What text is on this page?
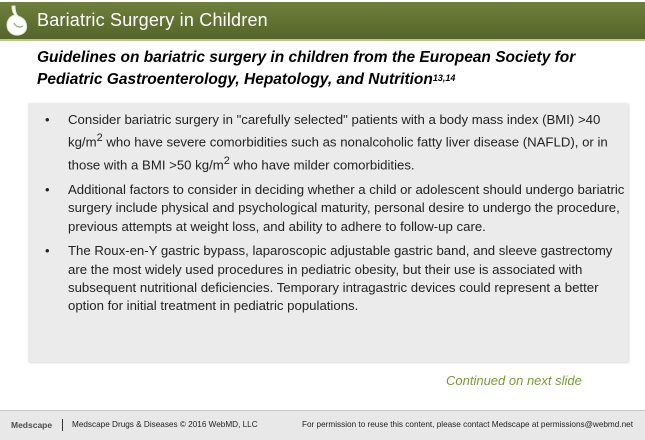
Bariatric Surgery in Children
Guidelines on bariatric surgery in children from the European Society for Pediatric Gastroenterology, Hepatology, and Nutrition$^{13,14}$
• Consider bariatric surgery in "carefully selected" patients with a body mass index (BMI) >40 $kg/m^2$ who have severe comorbidities such as nonalcoholic fatty liver disease (NAFLD), or in those with a BMI >50 $kg/m^2$ who have milder comorbidities.
• Additional factors to consider in deciding whether a child or adolescent should undergo bariatric surgery include physical and psychological maturity, personal desire to undergo the procedure, previous attempts at weight loss, and ability to adhere to follow-up care.
• The Roux-en-Y gastric bypass, laparoscopic adjustable gastric band, and sleeve gastrectomy are the most widely used procedures in pediatric obesity, but their use is associated with subsequent nutritional deficiencies. Temporary intragastric devices could represent a better option for initial treatment in pediatric populations.
Continued on next slide
Medscape Medscape Drugs & Diseases © 2016 WebMD, LLC	For permission to reuse this content, please contact Medscape at permissions@webmd.net
